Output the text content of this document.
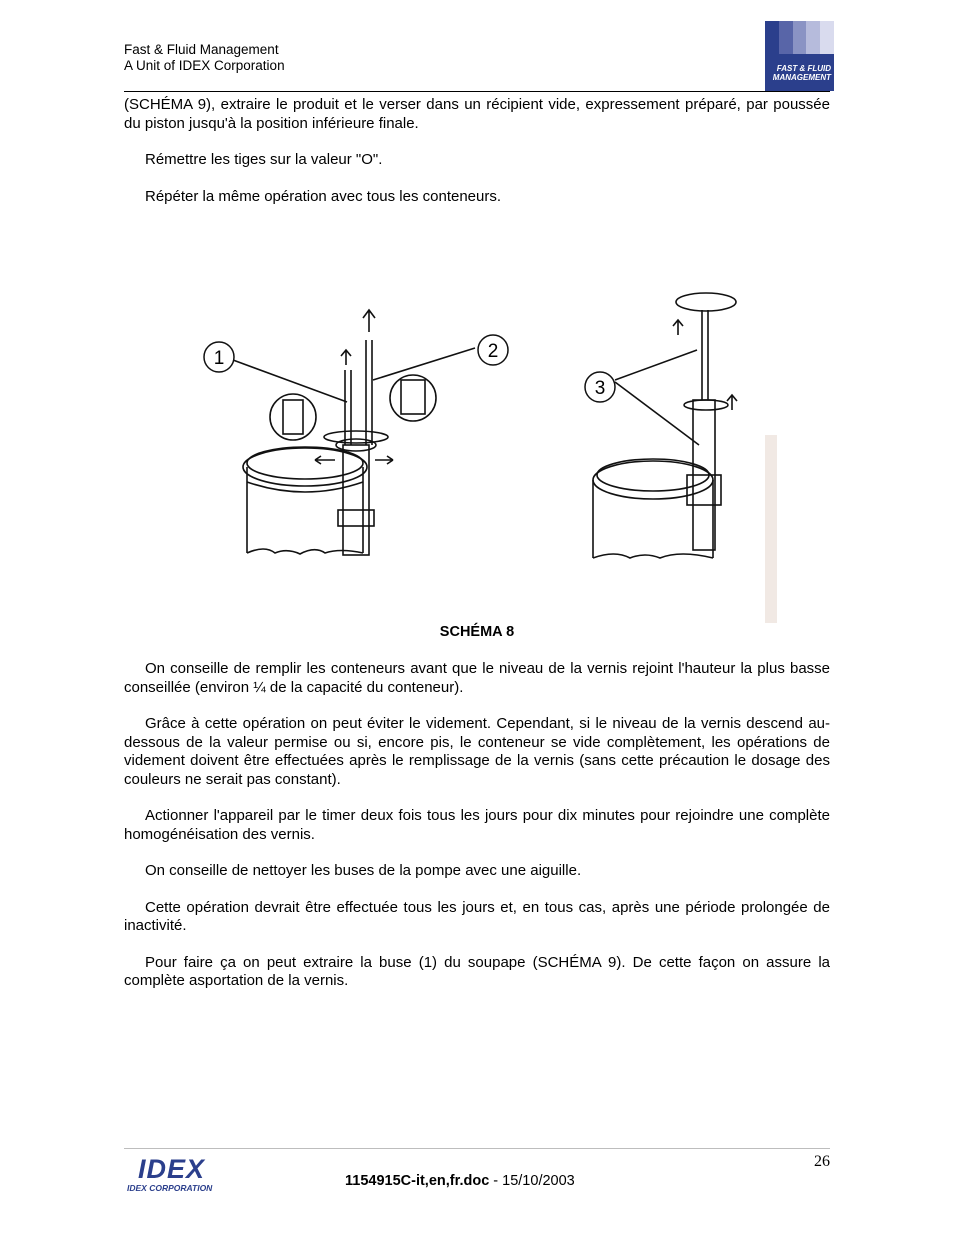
Fast & Fluid Management
A Unit of IDEX Corporation	FAST & FLUID
MANAGEMENT

(SCHÉMA 9), extraire le produit et le verser dans un récipient vide, expressement préparé, par poussée du piston jusqu'à la position inférieure finale.

Rémettre les tiges sur la valeur "O".

Répéter la même opération avec tous les conteneurs.

1	2
3
SCHÉMA 8

On conseille de remplir les conteneurs avant que le niveau de la vernis rejoint l'hauteur la plus basse conseillée (environ ¼ de la capacité du conteneur).

Grâce à cette opération on peut éviter le videment. Cependant, si le niveau de la vernis descend au-dessous de la valeur permise ou si, encore pis, le conteneur se vide complètement, les opérations de videment doivent être effectuées après le remplissage de la vernis (sans cette précaution le dosage des couleurs ne serait pas constant).

Actionner l'appareil par le timer deux fois tous les jours pour dix minutes pour rejoindre une complète homogénéisation des vernis.

On conseille de nettoyer les buses de la pompe avec une aiguille.

Cette opération devrait être effectuée tous les jours et, en tous cas, après une période prolongée de inactivité.

Pour faire ça on peut extraire la buse (1) du soupape (SCHÉMA 9). De cette façon on assure la complète asportation de la vernis.

IDEX
IDEX CORPORATION	1154915C-it,en,fr.doc - 15/10/2003
26
